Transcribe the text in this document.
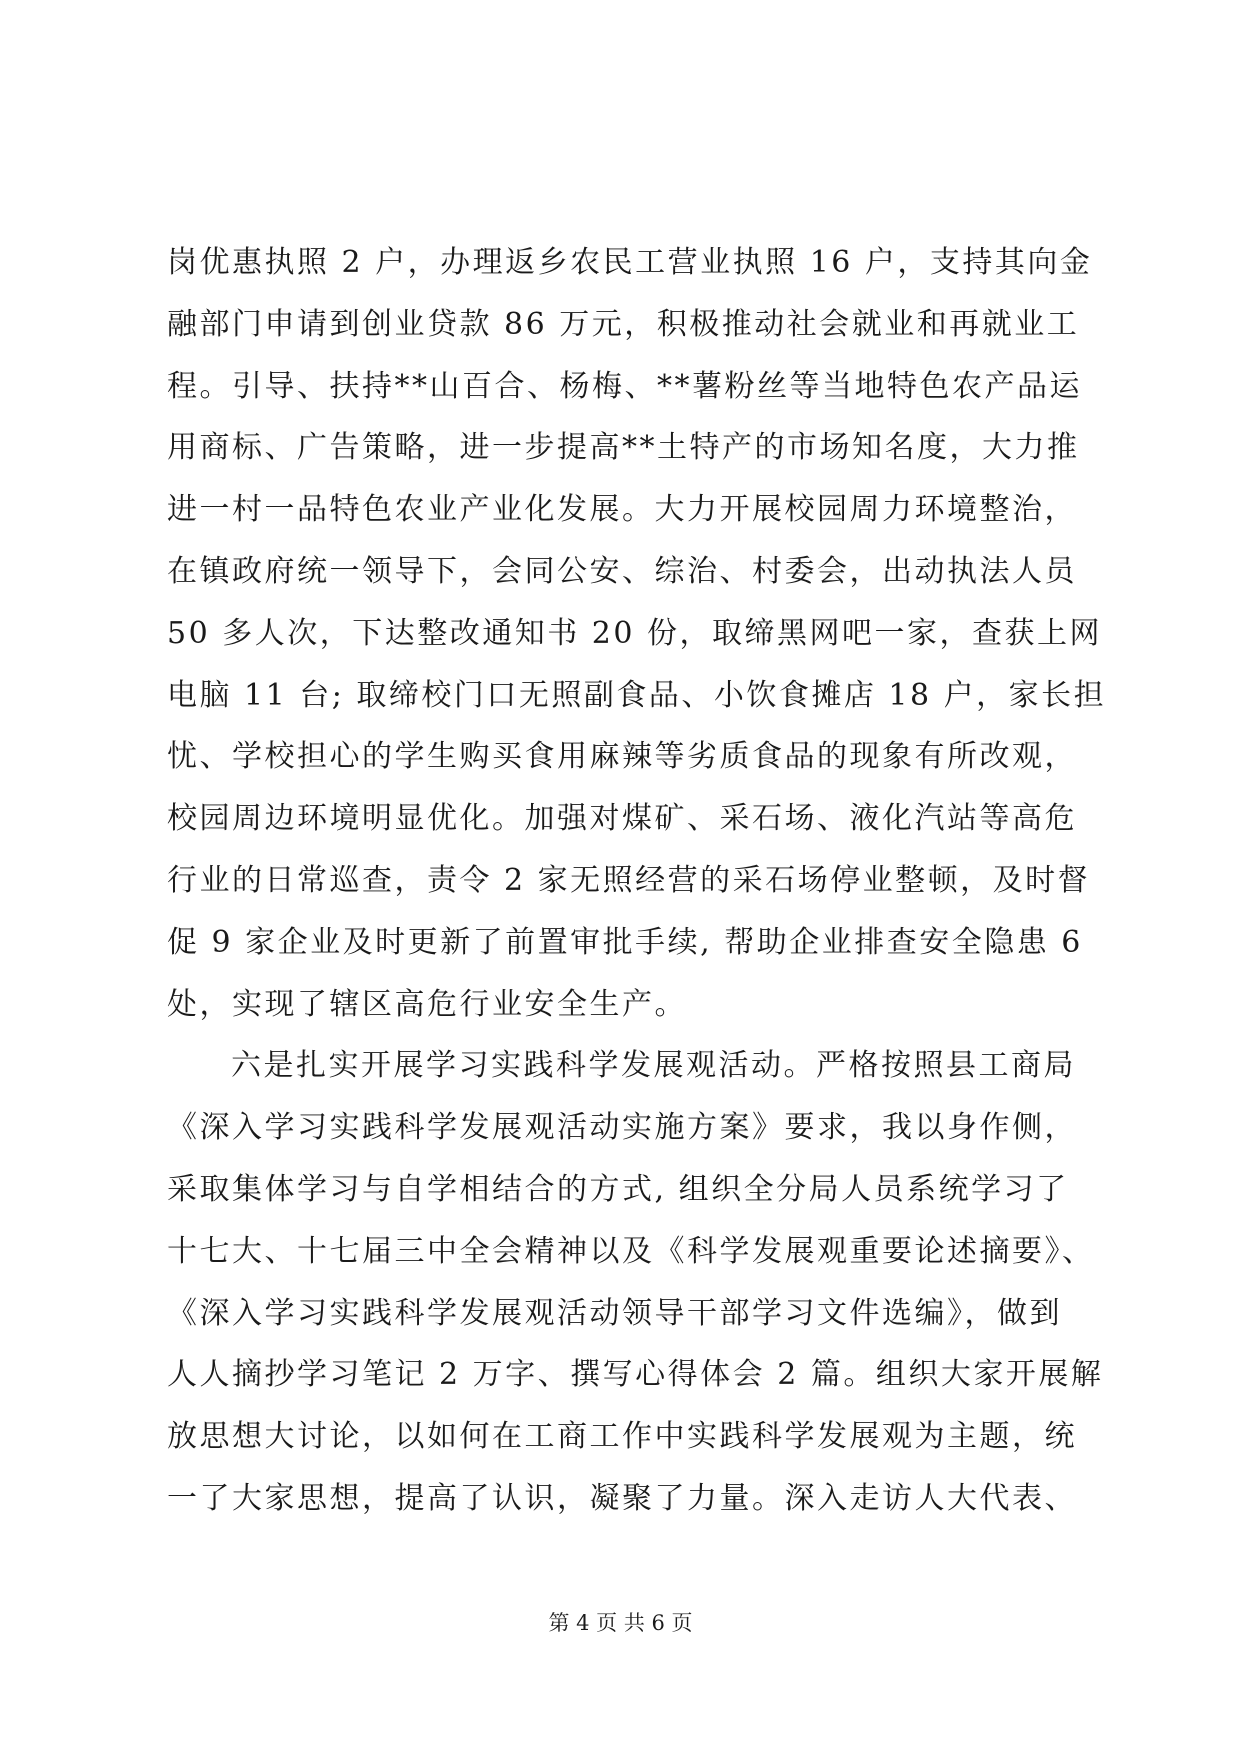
岗优惠执照 2 户，办理返乡农民工营业执照 16 户，支持其向金
融部门申请到创业贷款 86 万元，积极推动社会就业和再就业工
程。引导、扶持**山百合、杨梅、**薯粉丝等当地特色农产品运
用商标、广告策略，进一步提高**土特产的市场知名度，大力推
进一村一品特色农业产业化发展。大力开展校园周力环境整治，
在镇政府统一领导下，会同公安、综治、村委会，出动执法人员
50 多人次，下达整改通知书 20 份，取缔黑网吧一家，查获上网
电脑 11 台; 取缔校门口无照副食品、小饮食摊店 18 户，家长担
忧、学校担心的学生购买食用麻辣等劣质食品的现象有所改观，
校园周边环境明显优化。加强对煤矿、采石场、液化汽站等高危
行业的日常巡查，责令 2 家无照经营的采石场停业整顿，及时督
促 9 家企业及时更新了前置审批手续, 帮助企业排查安全隐患 6
处，实现了辖区高危行业安全生产。
六是扎实开展学习实践科学发展观活动。严格按照县工商局
《深入学习实践科学发展观活动实施方案》要求，我以身作侧，
采取集体学习与自学相结合的方式, 组织全分局人员系统学习了
十七大、十七届三中全会精神以及《科学发展观重要论述摘要》、
《深入学习实践科学发展观活动领导干部学习文件选编》，做到
人人摘抄学习笔记 2 万字、撰写心得体会 2 篇。组织大家开展解
放思想大讨论，以如何在工商工作中实践科学发展观为主题，统
一了大家思想，提高了认识，凝聚了力量。深入走访人大代表、
第 4 页 共 6 页
